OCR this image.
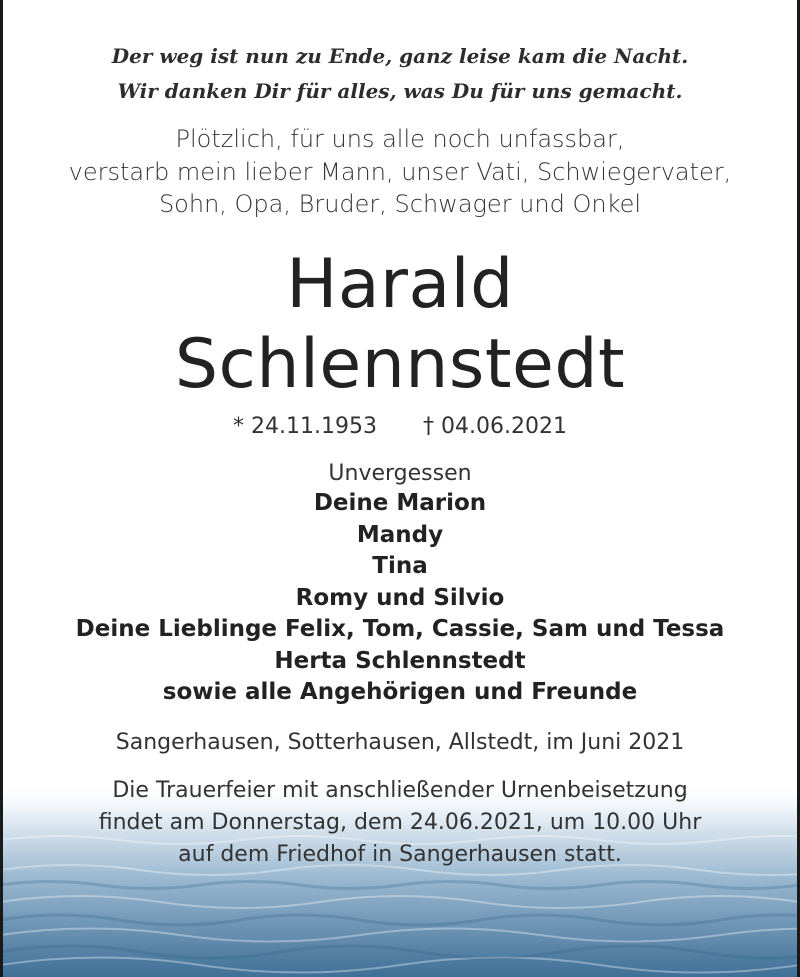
Der weg ist nun zu Ende, ganz leise kam die Nacht.
Wir danken Dir für alles, was Du für uns gemacht.
Plötzlich, für uns alle noch unfassbar,
verstarb mein lieber Mann, unser Vati, Schwiegervater,
Sohn, Opa, Bruder, Schwager und Onkel
Harald
Schlennstedt
* 24.11.1953 † 04.06.2021
Unvergessen
Deine Marion
Mandy
Tina
Romy und Silvio
Deine Lieblinge Felix, Tom, Cassie, Sam und Tessa
Herta Schlennstedt
sowie alle Angehörigen und Freunde
Sangerhausen, Sotterhausen, Allstedt, im Juni 2021
Die Trauerfeier mit anschließender Urnenbeisetzung
findet am Donnerstag, dem 24.06.2021, um 10.00 Uhr
auf dem Friedhof in Sangerhausen statt.
